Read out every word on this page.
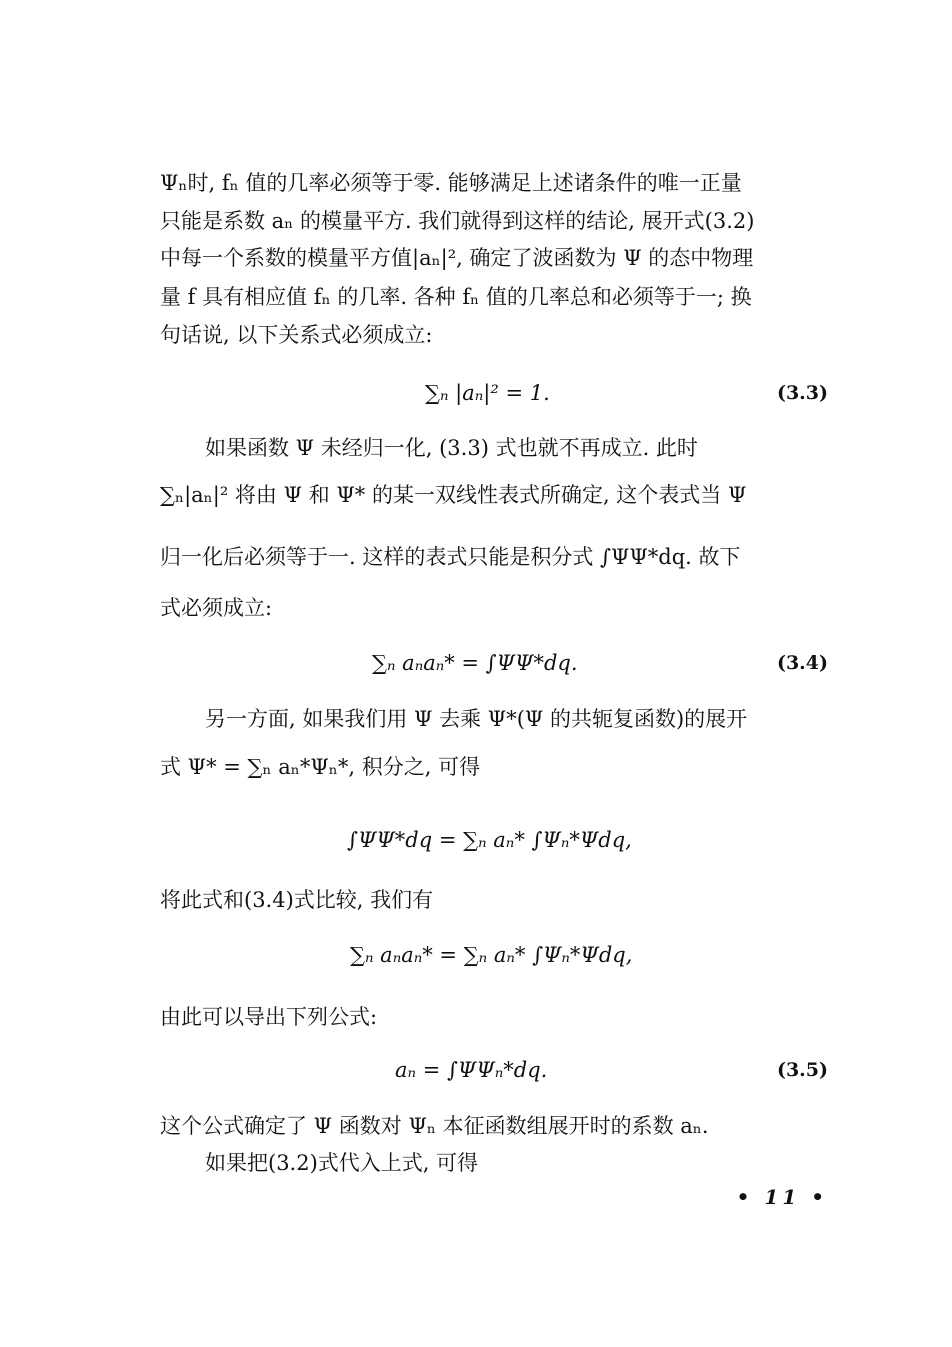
Ψₙ时, fₙ 值的几率必须等于零. 能够满足上述诸条件的唯一正量
只能是系数 aₙ 的模量平方. 我们就得到这样的结论, 展开式(3.2)
中每一个系数的模量平方值|aₙ|², 确定了波函数为 Ψ 的态中物理
量 f 具有相应值 fₙ 的几率. 各种 fₙ 值的几率总和必须等于一; 换
句话说, 以下关系式必须成立:
∑ₙ |aₙ|² = 1.	(3.3)
如果函数 Ψ 未经归一化, (3.3) 式也就不再成立. 此时
∑ₙ|aₙ|² 将由 Ψ 和 Ψ* 的某一双线性表式所确定, 这个表式当 Ψ
归一化后必须等于一. 这样的表式只能是积分式 ∫ΨΨ*dq. 故下
式必须成立:
∑ₙ aₙaₙ* = ∫ΨΨ*dq.	(3.4)
另一方面, 如果我们用 Ψ 去乘 Ψ*(Ψ 的共轭复函数)的展开
式 Ψ* = ∑ₙ aₙ*Ψₙ*, 积分之, 可得
∫ΨΨ*dq = ∑ₙ aₙ* ∫Ψₙ*Ψdq,
将此式和(3.4)式比较, 我们有
∑ₙ aₙaₙ* = ∑ₙ aₙ* ∫Ψₙ*Ψdq,
由此可以导出下列公式:
aₙ = ∫ΨΨₙ*dq.	(3.5)
这个公式确定了 Ψ 函数对 Ψₙ 本征函数组展开时的系数 aₙ.
如果把(3.2)式代入上式, 可得
• 11 •
